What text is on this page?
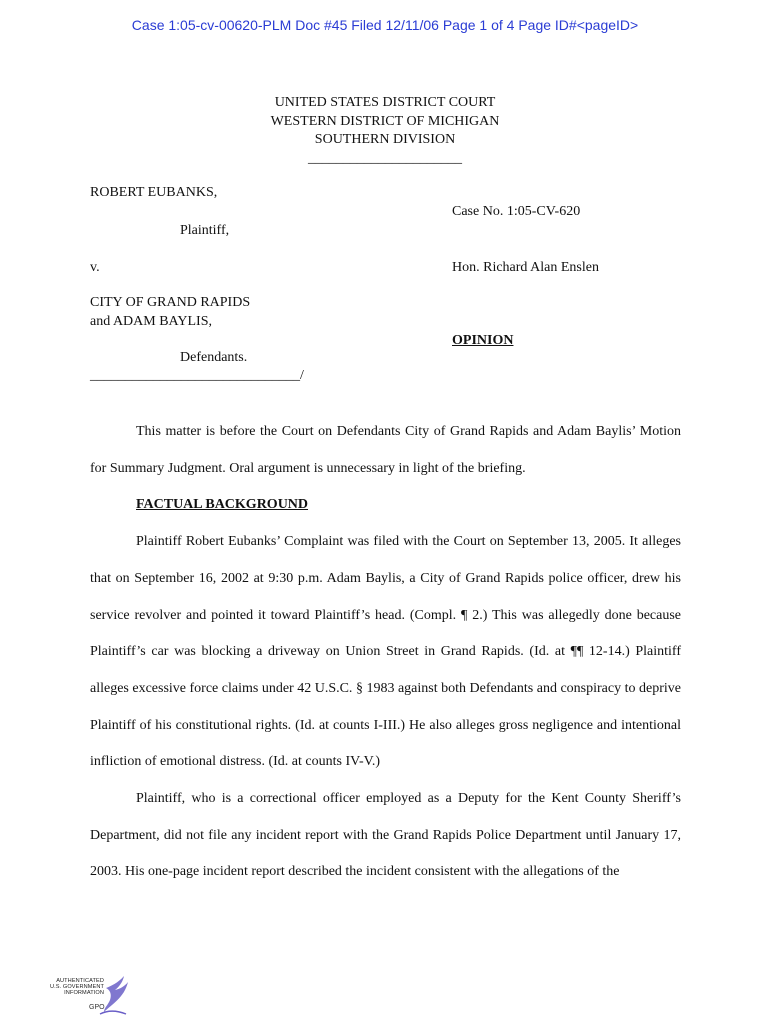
Case 1:05-cv-00620-PLM Doc #45 Filed 12/11/06 Page 1 of 4 Page ID#<pageID>
UNITED STATES DISTRICT COURT
WESTERN DISTRICT OF MICHIGAN
SOUTHERN DIVISION
______________________
ROBERT EUBANKS,
Plaintiff,
v.
CITY OF GRAND RAPIDS
and ADAM BAYLIS,
Defendants.
______________________________/
Case No. 1:05-CV-620
Hon. Richard Alan Enslen
OPINION

This matter is before the Court on Defendants City of Grand Rapids and Adam Baylis’ Motion for Summary Judgment. Oral argument is unnecessary in light of the briefing.

FACTUAL BACKGROUND

Plaintiff Robert Eubanks’ Complaint was filed with the Court on September 13, 2005. It alleges that on September 16, 2002 at 9:30 p.m. Adam Baylis, a City of Grand Rapids police officer, drew his service revolver and pointed it toward Plaintiff’s head. (Compl. ¶ 2.) This was allegedly done because Plaintiff’s car was blocking a driveway on Union Street in Grand Rapids. (Id. at ¶¶ 12-14.) Plaintiff alleges excessive force claims under 42 U.S.C. § 1983 against both Defendants and conspiracy to deprive Plaintiff of his constitutional rights. (Id. at counts I-III.) He also alleges gross negligence and intentional infliction of emotional distress. (Id. at counts IV-V.)

Plaintiff, who is a correctional officer employed as a Deputy for the Kent County Sheriff’s Department, did not file any incident report with the Grand Rapids Police Department until January 17, 2003. His one-page incident report described the incident consistent with the allegations of the

AUTHENTICATED
U.S. GOVERNMENT
INFORMATION
GPO
